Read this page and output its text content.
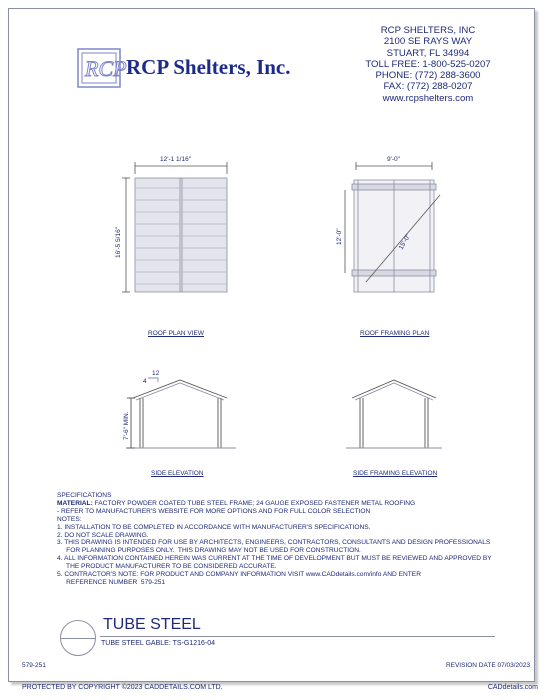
RCP RCP Shelters, Inc.
RCP SHELTERS, INC
2100 SE RAYS WAY
STUART, FL 34994
TOLL FREE: 1-800-525-0207
PHONE: (772) 288-3600
FAX: (772) 288-0207
www.rcpshelters.com
12'-1 1/16"
16'-5 5/16"
9'-0"
12'-0"	15'-0"
12
4
7'-6" MIN.
ROOF PLAN VIEW	ROOF FRAMING PLAN
SIDE ELEVATION	SIDE FRAMING ELEVATION
SPECIFICATIONS
MATERIAL: FACTORY POWDER COATED TUBE STEEL FRAME; 24 GAUGE EXPOSED FASTENER METAL ROOFING
- REFER TO MANUFACTURER'S WEBSITE FOR MORE OPTIONS AND FOR FULL COLOR SELECTION
NOTES:
1. INSTALLATION TO BE COMPLETED IN ACCORDANCE WITH MANUFACTURER'S SPECIFICATIONS.
2. DO NOT SCALE DRAWING.
3. THIS DRAWING IS INTENDED FOR USE BY ARCHITECTS, ENGINEERS, CONTRACTORS, CONSULTANTS AND DESIGN PROFESSIONALS
FOR PLANNING PURPOSES ONLY.  THIS DRAWING MAY NOT BE USED FOR CONSTRUCTION.
4. ALL INFORMATION CONTAINED HEREIN WAS CURRENT AT THE TIME OF DEVELOPMENT BUT MUST BE REVIEWED AND APPROVED BY
THE PRODUCT MANUFACTURER TO BE CONSIDERED ACCURATE.
5. CONTRACTOR'S NOTE: FOR PRODUCT AND COMPANY INFORMATION VISIT www.CADdetails.com/info AND ENTER
REFERENCE NUMBER  579-251
TUBE STEEL
TUBE STEEL GABLE: TS-G1216-04
579-251	REVISION DATE 07/03/2023
PROTECTED BY COPYRIGHT ©2023 CADDETAILS.COM LTD.	CADdetails.com
